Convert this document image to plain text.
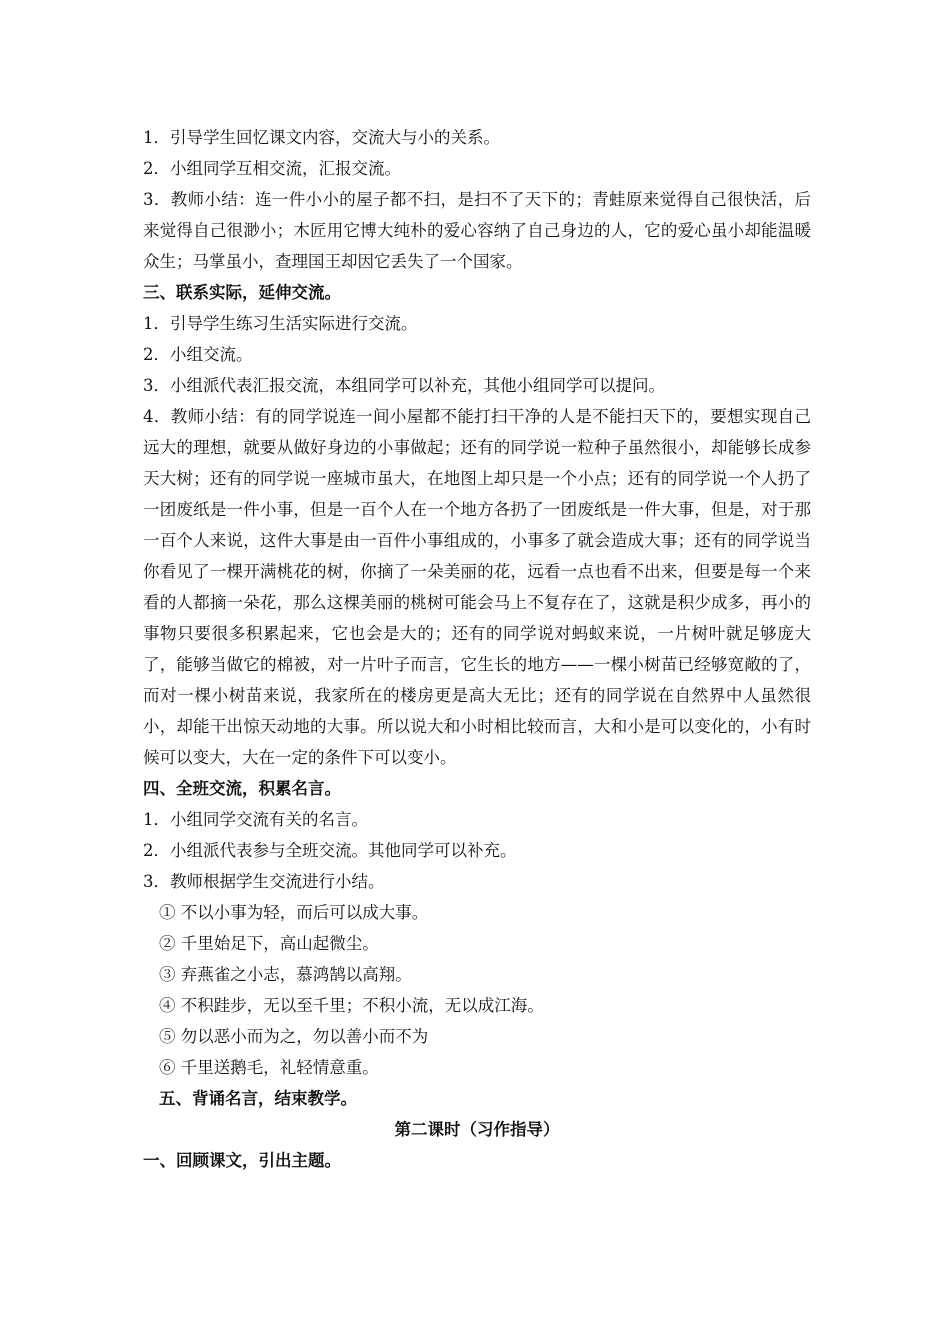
1．引导学生回忆课文内容，交流大与小的关系。

2．小组同学互相交流，汇报交流。

3．教师小结：连一件小小的屋子都不扫，是扫不了天下的；青蛙原来觉得自己很快活，后来觉得自己很渺小；木匠用它博大纯朴的爱心容纳了自己身边的人，它的爱心虽小却能温暖众生；马掌虽小，查理国王却因它丢失了一个国家。

三、联系实际，延伸交流。

1．引导学生练习生活实际进行交流。

2．小组交流。

3．小组派代表汇报交流，本组同学可以补充，其他小组同学可以提问。

4．教师小结：有的同学说连一间小屋都不能打扫干净的人是不能扫天下的，要想实现自己远大的理想，就要从做好身边的小事做起；还有的同学说一粒种子虽然很小，却能够长成参天大树；还有的同学说一座城市虽大，在地图上却只是一个小点；还有的同学说一个人扔了一团废纸是一件小事，但是一百个人在一个地方各扔了一团废纸是一件大事，但是，对于那一百个人来说，这件大事是由一百件小事组成的，小事多了就会造成大事；还有的同学说当你看见了一棵开满桃花的树，你摘了一朵美丽的花，远看一点也看不出来，但要是每一个来看的人都摘一朵花，那么这棵美丽的桃树可能会马上不复存在了，这就是积少成多，再小的事物只要很多积累起来，它也会是大的；还有的同学说对蚂蚁来说，一片树叶就足够庞大了，能够当做它的棉被，对一片叶子而言，它生长的地方——一棵小树苗已经够宽敞的了，而对一棵小树苗来说，我家所在的楼房更是高大无比；还有的同学说在自然界中人虽然很小，却能干出惊天动地的大事。所以说大和小时相比较而言，大和小是可以变化的，小有时候可以变大，大在一定的条件下可以变小。

四、全班交流，积累名言。

1．小组同学交流有关的名言。

2．小组派代表参与全班交流。其他同学可以补充。

3．教师根据学生交流进行小结。

① 不以小事为轻，而后可以成大事。

② 千里始足下，高山起微尘。

③ 弃燕雀之小志，慕鸿鹄以高翔。

④ 不积跬步，无以至千里；不积小流，无以成江海。

⑤ 勿以恶小而为之，勿以善小而不为

⑥ 千里送鹅毛，礼轻情意重。

五、背诵名言，结束教学。

第二课时（习作指导）

一、回顾课文，引出主题。
